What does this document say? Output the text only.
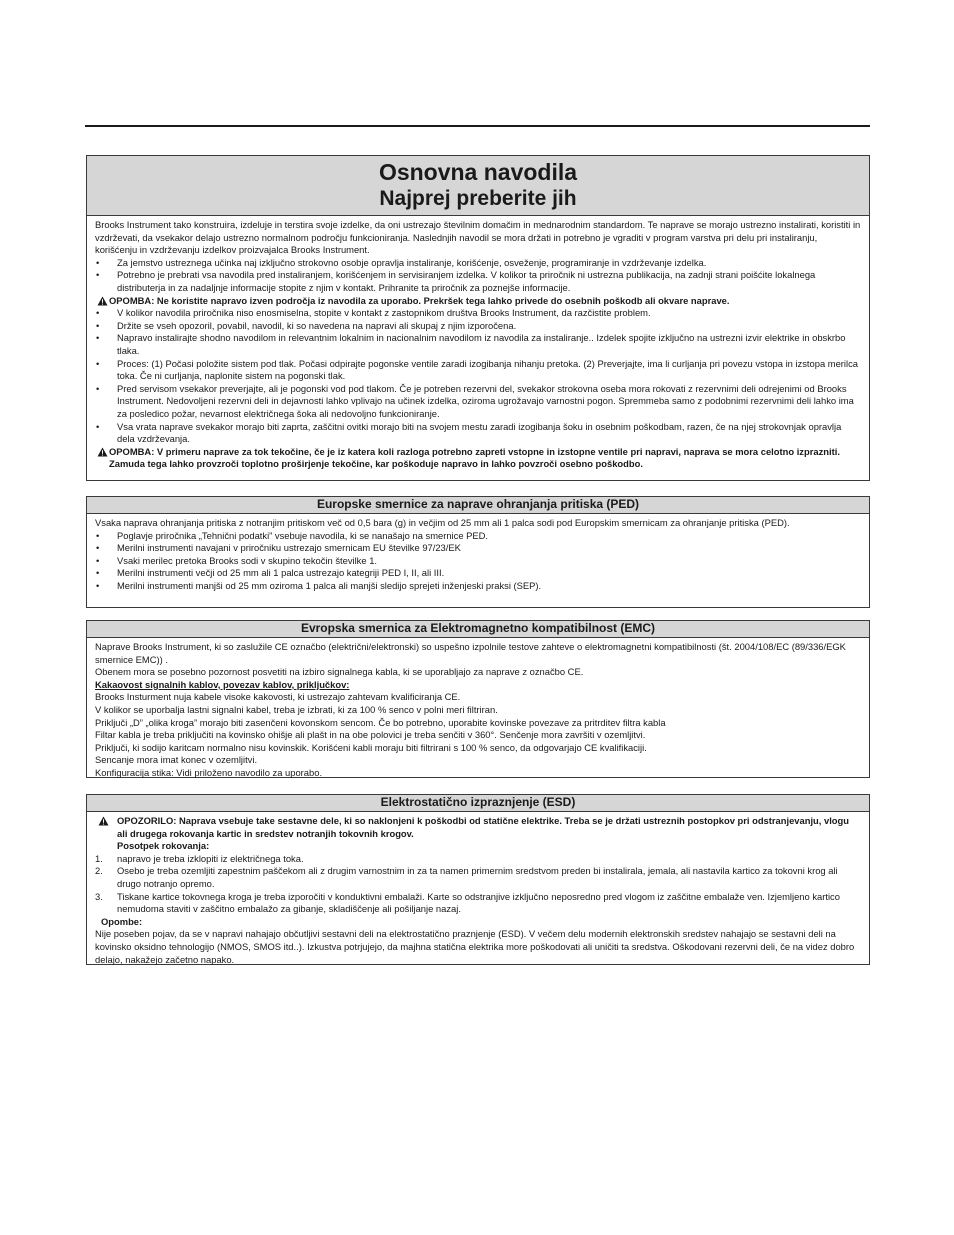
Osnovna navodila
Najprej preberite jih

Brooks Instrument tako konstruira, izdeluje in terstira svoje izdelke, da oni ustrezajo številnim domačim in mednarodnim standardom. Te naprave se morajo ustrezno instalirati, koristiti in vzdrževati, da vsekakor delajo ustrezno normalnom področju funkcioniranja. Naslednjih navodil se mora držati in potrebno je vgraditi v program varstva pri delu pri instaliranju, korišćenju in vzdrževanju izdelkov proizvajalca Brooks Instrument.

• Za jemstvo ustreznega učinka naj izključno strokovno osobje opravlja instaliranje, korišćenje, osveženje, programiranje in vzdrževanje izdelka.
• Potrebno je prebrati vsa navodila pred instaliranjem, korišćenjem in servisiranjem izdelka. V kolikor ta priročnik ni ustrezna publikacija, na zadnji strani poišćite lokalnega distributerja in za nadaljnje informacije stopite z njim v kontakt. Prihranite ta priročnik za poznejše informacije.

OPOMBA: Ne koristite napravo izven področja iz navodila za uporabo. Prekršek tega lahko privede do osebnih poškodb ali okvare naprave.

• V kolikor navodila priročnika niso enosmiselna, stopite v kontakt z zastopnikom društva Brooks Instrument, da razčistite problem.
• Držite se vseh opozoril, povabil, navodil, ki so navedena na napravi ali skupaj z njim izporočena.
• Napravo instalirajte shodno navodilom in relevantnim lokalnim in nacionalnim navodilom iz navodila za instaliranje.. Izdelek spojite izključno na ustrezni izvir elektrike in obskrbo tlaka.
• Proces: (1) Počasi položite sistem pod tlak. Počasi odpirajte pogonske ventile zaradi izogibanja nihanju pretoka. (2) Preverjajte, ima li curljanja pri povezu vstopa in izstopa merilca toka. Če ni curljanja, naplonite sistem na pogonski tlak.
• Pred servisom vsekakor preverjajte, ali je pogonski vod pod tlakom. Če je potreben rezervni del, svekakor strokovna oseba mora rokovati z rezervnimi deli odrejenimi od Brooks Instrument. Nedovoljeni rezervni deli in dejavnosti lahko vplivajo na učinek izdelka, oziroma ugrožavajo varnostni pogon. Spremmeba samo z podobnimi rezervnimi deli lahko ima za posledico požar, nevarnost električnega šoka ali nedovoljno funkcioniranje.
• Vsa vrata naprave svekakor morajo biti zaprta, zaščitni ovitki morajo biti na svojem mestu zaradi izogibanja šoku in osebnim poškodbam, razen, če na njej strokovnjak opravlja dela vzdrževanja.

OPOMBA: V primeru naprave za tok tekočine, če je iz katera koli razloga potrebno zapreti vstopne in izstopne ventile pri napravi, naprava se mora celotno izprazniti. Zamuda tega lahko provzroči toplotno proširjenje tekočine, kar poškoduje napravo in lahko povzroči osebno poškodbo.

Europske smernice za naprave ohranjanja pritiska (PED)

Vsaka naprava ohranjanja pritiska z notranjim pritiskom več od 0,5 bara (g) in večjim od 25 mm ali 1 palca sodi pod Europskim smernicam za ohranjanje pritiska (PED).

• Poglavje priročnika „Tehnični podatki” vsebuje navodila, ki se nanašajo na smernice PED.
• Merilni instrumenti navajani v priročniku ustrezajo smernicam EU številke 97/23/EK
• Vsaki merilec pretoka Brooks sodi v skupino tekočin številke 1.
• Merilni instrumenti večji od 25 mm ali 1 palca ustrezajo kategriji PED I, II, ali III.
• Merilni instrumenti manjši od 25 mm oziroma 1 palca ali manjši sledijo sprejeti inženjeski praksi (SEP).
Evropska smernica za Elektromagnetno kompatibilnost (EMC)

Naprave Brooks Instrument, ki so zaslužile CE označbo (električni/elektronski) so uspešno izpolnile testove zahteve o elektromagnetni kompatibilnosti (št. 2004/108/EC (89/336/EGK smernice EMC)) .

Obenem mora se posebno pozornost posvetiti na izbiro signalnega kabla, ki se uporabljajo za naprave z označbo CE.

Kakaovost signalnih kablov, povezav kablov, priključkov:

Brooks Insturment nuja kabele visoke kakovosti, ki ustrezajo zahtevam kvalificiranja CE.

V kolikor se uporbalja lastni signalni kabel, treba je izbrati, ki za 100 % senco v polni meri filtriran.

Priključi „D” „olika kroga” morajo biti zasenčeni kovonskom sencom. Če bo potrebno, uporabite kovinske povezave za pritrditev filtra kabla

Filtar kabla je treba priključiti na kovinsko ohišje ali plašt in na obe polovici je treba senčiti v 360°. Senčenje mora završiti v ozemljitvi.

Priključi, ki sodijo karitcam normalno nisu kovinskik. Korišćeni kabli moraju biti filtrirani s 100 % senco, da odgovarjajo CE kvalifikaciji.

Sencanje mora imat konec v ozemljitvi.

Konfiguracija stika: Vidi priloženo navodilo za uporabo.

Elektrostatično izpraznjenje (ESD)

OPOZORILO: Naprava vsebuje take sestavne dele, ki so naklonjeni k poškodbi od statične elektrike. Treba se je držati ustreznih postopkov pri odstranjevanju, vlogu ali drugega rokovanja kartic in sredstev notranjih tokovnih krogov.

Posotpek rokovanja:

1. napravo je treba izklopiti iz električnega toka.
2. Osebo je treba ozemljiti zapestnim paščekom ali z drugim varnostnim in za ta namen primernim sredstvom preden bi instalirala, jemala, ali nastavila kartico za tokovni krog ali drugo notranjo opremo.
3. Tiskane kartice tokovnega kroga je treba izporočiti v konduktivni embalaži. Karte so odstranjive izključno neposredno pred vlogom iz zaščitne embalaže ven. Izjemljeno kartico nemudoma staviti v zaščitno embalažo za gibanje, skladiščenje ali pošiljanje nazaj.

Opombe:

Nije poseben pojav, da se v napravi nahajajo občutljivi sestavni deli na elektrostatično praznjenje (ESD). V večem delu modernih elektronskih sredstev nahajajo se sestavni deli na kovinsko oksidno tehnologijo (NMOS, SMOS itd..). Izkustva potrjujejo, da majhna statična elektrika more poškodovati ali uničiti ta sredstva. Oškodovani rezervni deli, če na videz dobro delajo, nakažejo začetno napako.
